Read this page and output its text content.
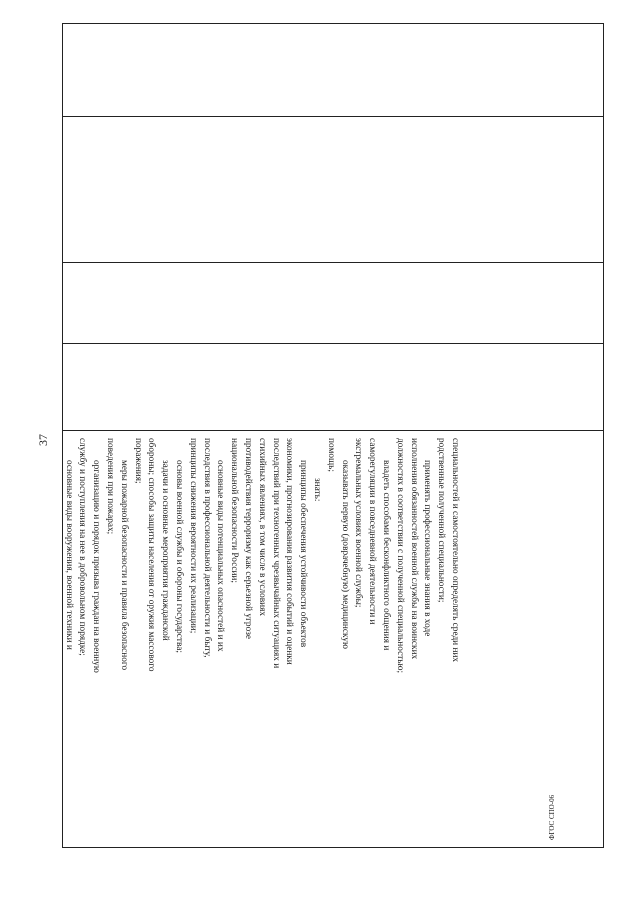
37	специальностей и самостоятельно определять среди них
родственные полученной специальности;
применять профессиональные знания в ходе
исполнения обязанностей военной службы на воинских
должностях в соответствии с полученной специальностью;
владеть способами бесконфликтного общения и
саморегуляции в повседневной деятельности и
экстремальных условиях военной службы;
оказывать первую (доврачебную) медицинскую
помощь;
знать:
принципы обеспечения устойчивости объектов
экономики, прогнозирования развития событий и оценки
последствий при техногенных чрезвычайных ситуациях и
стихийных явлениях, в том числе в условиях
противодействия терроризму как серьезной угрозе
национальной безопасности России;
основные виды потенциальных опасностей и их
последствия в профессиональной деятельности и быту,
принципы снижения вероятности их реализации;
основы военной службы и обороны государства;
задачи и основные мероприятия гражданской
обороны; способы защиты населения от оружия массового
поражения;
меры пожарной безопасности и правила безопасного
поведения при пожарах;
организацию и порядок призыва граждан на военную
службу и поступления на нее в добровольном порядке;
основные виды вооружения, военной техники и
ФГОС СПО-06
